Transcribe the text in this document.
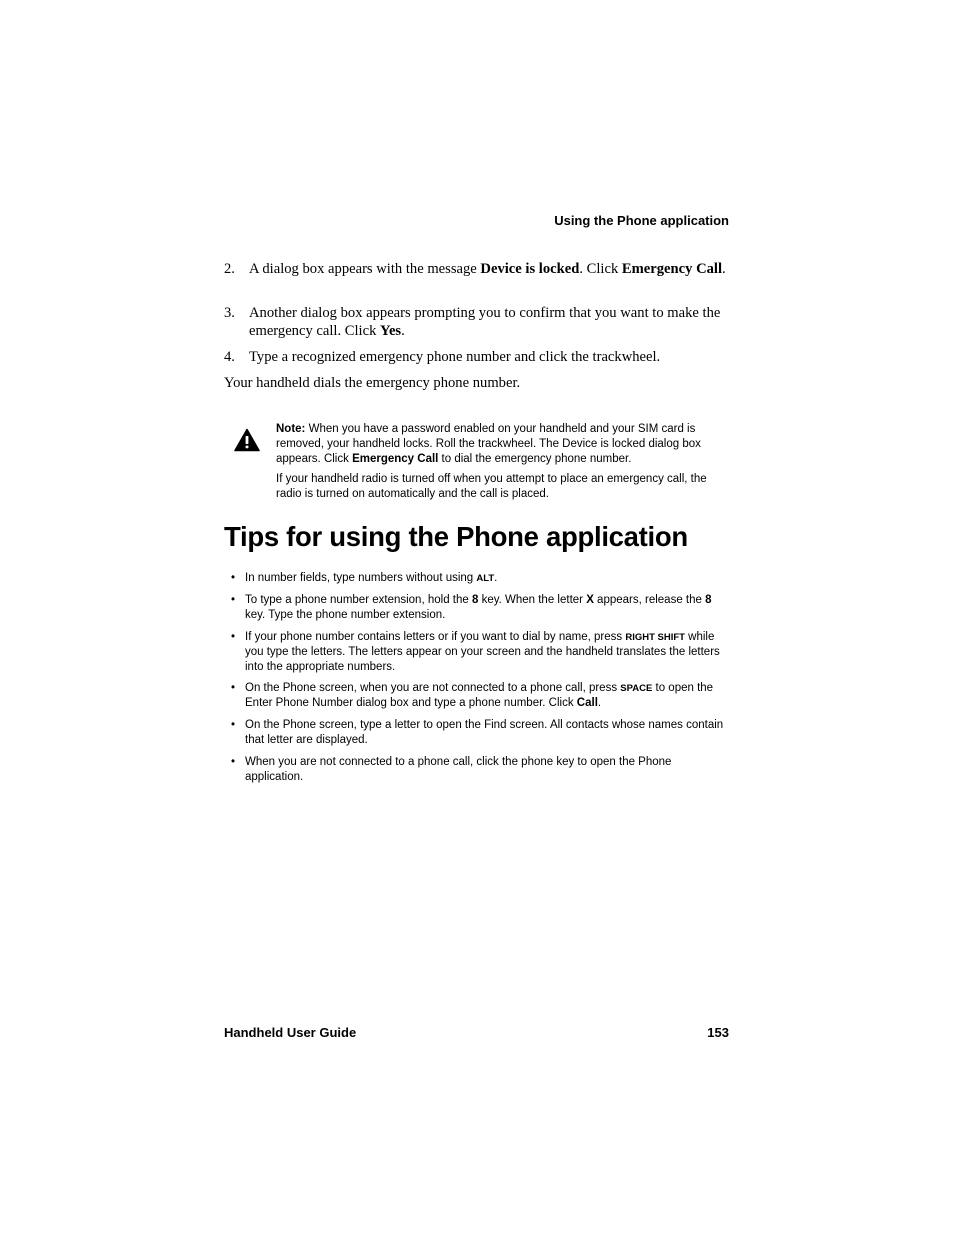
Using the Phone application
2. A dialog box appears with the message Device is locked. Click Emergency Call.
3. Another dialog box appears prompting you to confirm that you want to make the emergency call. Click Yes.
4. Type a recognized emergency phone number and click the trackwheel.
Your handheld dials the emergency phone number.

Note: When you have a password enabled on your handheld and your SIM card is removed, your handheld locks. Roll the trackwheel. The Device is locked dialog box appears. Click Emergency Call to dial the emergency phone number.

If your handheld radio is turned off when you attempt to place an emergency call, the radio is turned on automatically and the call is placed.

Tips for using the Phone application
• In number fields, type numbers without using ALT.
• To type a phone number extension, hold the 8 key. When the letter X appears, release the 8 key. Type the phone number extension.
• If your phone number contains letters or if you want to dial by name, press RIGHT SHIFT while you type the letters. The letters appear on your screen and the handheld translates the letters into the appropriate numbers.
• On the Phone screen, when you are not connected to a phone call, press SPACE to open the Enter Phone Number dialog box and type a phone number. Click Call.
• On the Phone screen, type a letter to open the Find screen. All contacts whose names contain that letter are displayed.
• When you are not connected to a phone call, click the phone key to open the Phone application.
Handheld User Guide	153
